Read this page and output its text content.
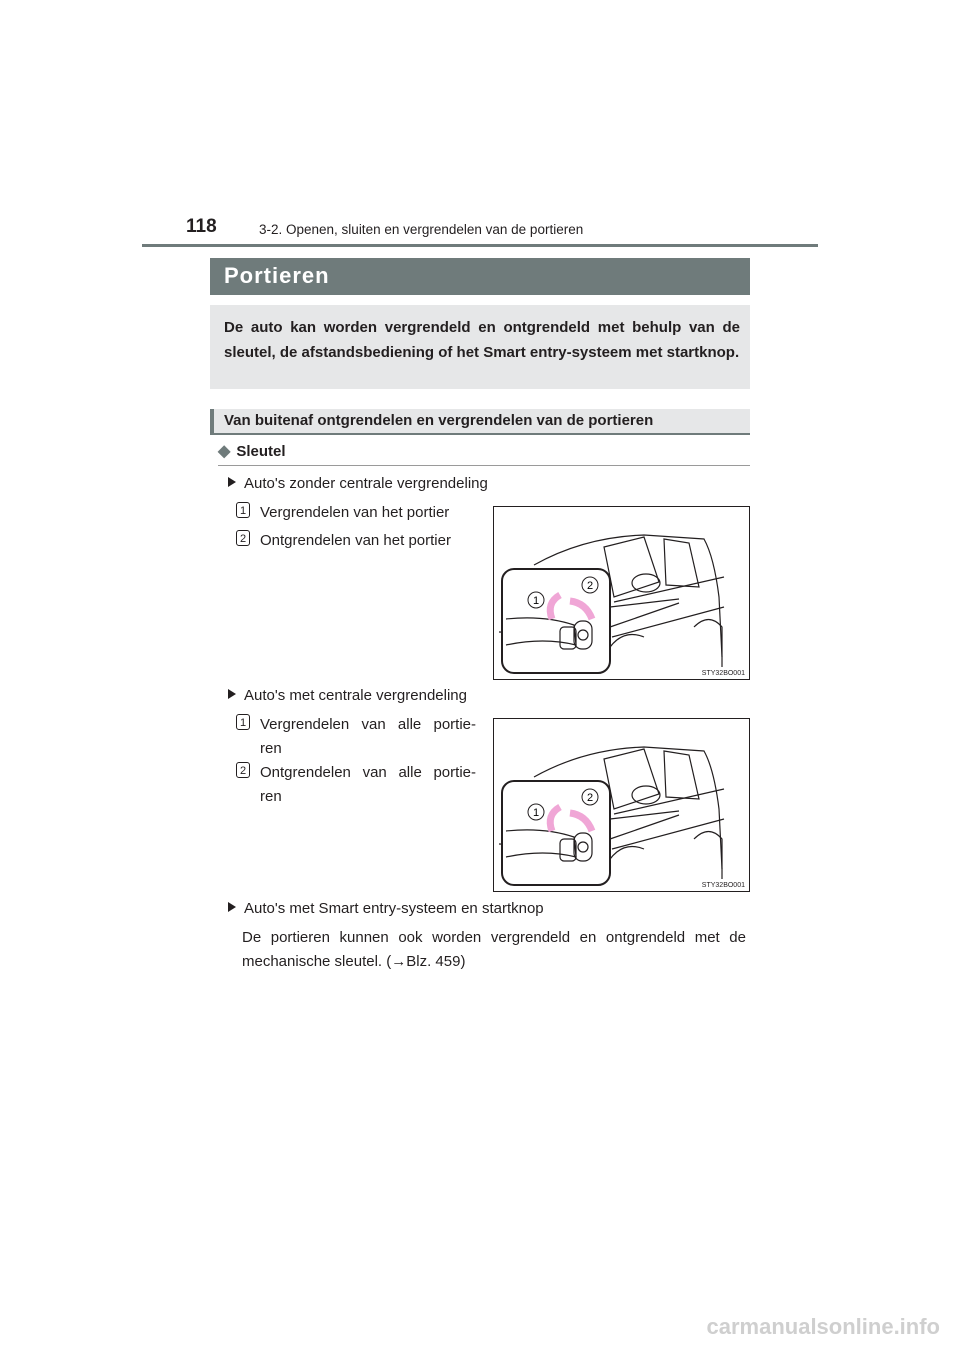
118	3-2. Openen, sluiten en vergrendelen van de portieren
Portieren
De auto kan worden vergrendeld en ontgrendeld met behulp van de sleutel, de afstandsbediening of het Smart entry-systeem met startknop.
Van buitenaf ontgrendelen en vergrendelen van de portieren
◆ Sleutel
Auto's zonder centrale vergrendeling
1 Vergrendelen van het portier
2 Ontgrendelen van het portier
1
2
STY32BO001
Auto's met centrale vergrendeling
1 Vergrendelen van alle portie-
ren
2 Ontgrendelen van alle portie-
ren
1
2
STY32BO001
Auto's met Smart entry-systeem en startknop
De portieren kunnen ook worden vergrendeld en ontgrendeld met de mechanische sleutel. (→Blz. 459)
carmanualsonline.info
